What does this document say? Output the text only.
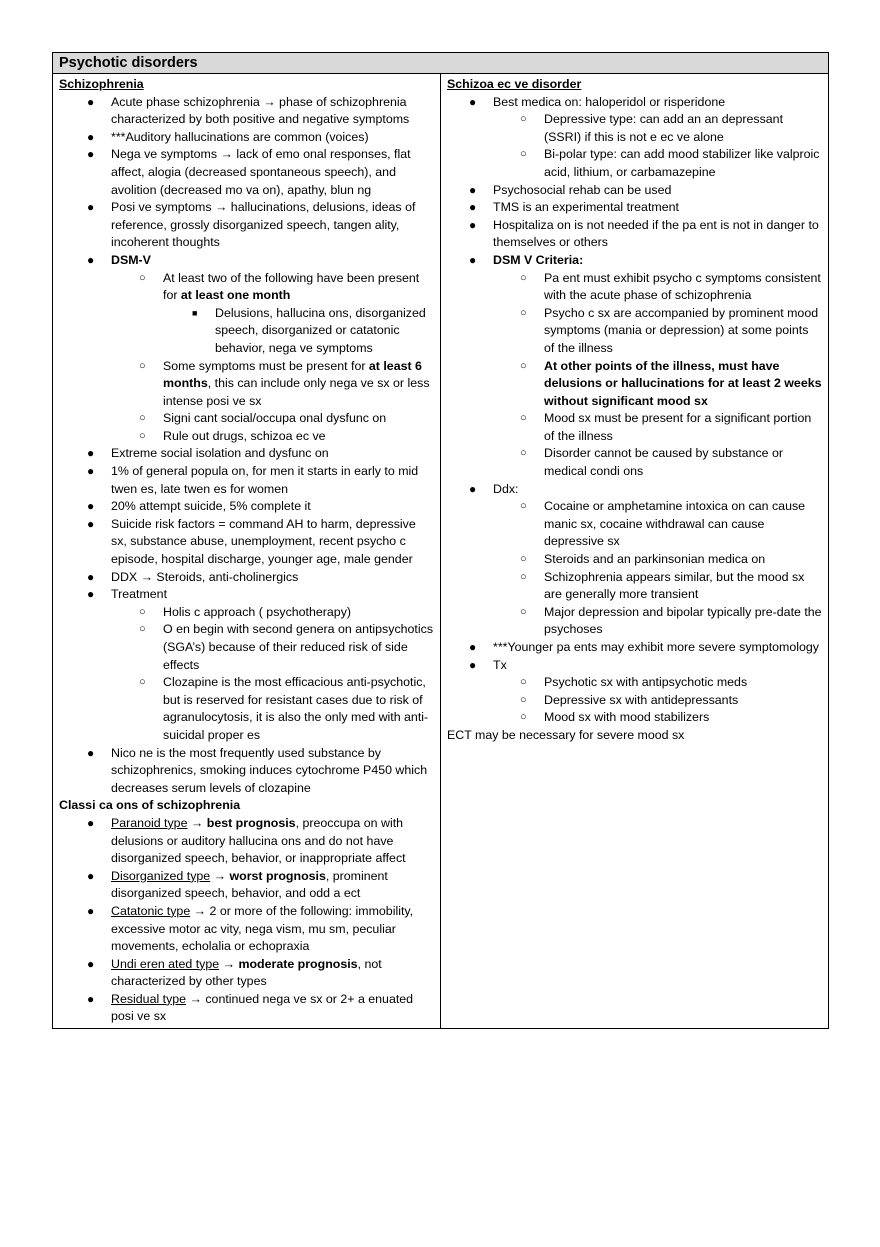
Psychotic disorders
Schizophrenia
● Acute phase schizophrenia → phase of schizophrenia characterized by both positive and negative symptoms
● ***Auditory hallucinations are common (voices)
● Nega ve symptoms → lack of emo onal responses, flat affect, alogia (decreased spontaneous speech), and avolition (decreased mo va on), apathy, blun ng
● Posi ve symptoms → hallucinations, delusions, ideas of reference, grossly disorganized speech, tangen ality, incoherent thoughts
● DSM-V
○ At least two of the following have been present for at least one month
■ Delusions, hallucina ons, disorganized speech, disorganized or catatonic behavior, nega ve symptoms
○ Some symptoms must be present for at least 6 months, this can include only nega ve sx or less intense posi ve sx
○ Signi cant social/occupa onal dysfunc on
○ Rule out drugs, schizoa ec ve
● Extreme social isolation and dysfunc on
● 1% of general popula on, for men it starts in early to mid twen es, late twen es for women
● 20% attempt suicide, 5% complete it
● Suicide risk factors = command AH to harm, depressive sx, substance abuse, unemployment, recent psycho c episode, hospital discharge, younger age, male gender
● DDX → Steroids, anti-cholinergics
● Treatment
○ Holis c approach ( psychotherapy)
○ O en begin with second genera on antipsychotics (SGA’s) because of their reduced risk of side effects
○ Clozapine is the most efficacious anti-psychotic, but is reserved for resistant cases due to risk of agranulocytosis, it is also the only med with anti-suicidal proper es
● Nico ne is the most frequently used substance by schizophrenics, smoking induces cytochrome P450 which decreases serum levels of clozapine
Classi ca ons of schizophrenia
● Paranoid type → best prognosis, preoccupa on with delusions or auditory hallucina ons and do not have disorganized speech, behavior, or inappropriate affect
● Disorganized type → worst prognosis, prominent disorganized speech, behavior, and odd a ect
● Catatonic type → 2 or more of the following: immobility, excessive motor ac vity, nega vism, mu sm, peculiar movements, echolalia or echopraxia
● Undi eren ated type → moderate prognosis, not characterized by other types
● Residual type → continued nega ve sx or 2+ a enuated posi ve sx
Schizoa ec ve disorder
● Best medica on: haloperidol or risperidone
○ Depressive type: can add an an depressant (SSRI) if this is not e ec ve alone
○ Bi-polar type: can add mood stabilizer like valproic acid, lithium, or carbamazepine
● Psychosocial rehab can be used
● TMS is an experimental treatment
● Hospitaliza on is not needed if the pa ent is not in danger to themselves or others
● DSM V Criteria:
○ Pa ent must exhibit psycho c symptoms consistent with the acute phase of schizophrenia
○ Psycho c sx are accompanied by prominent mood symptoms (mania or depression) at some points of the illness
○ At other points of the illness, must have delusions or hallucinations for at least 2 weeks without significant mood sx
○ Mood sx must be present for a significant portion of the illness
○ Disorder cannot be caused by substance or medical condi ons
● Ddx:
○ Cocaine or amphetamine intoxica on can cause manic sx, cocaine withdrawal can cause depressive sx
○ Steroids and an parkinsonian medica on
○ Schizophrenia appears similar, but the mood sx are generally more transient
○ Major depression and bipolar typically pre-date the psychoses
● ***Younger pa ents may exhibit more severe symptomology
● Tx
○ Psychotic sx with antipsychotic meds
○ Depressive sx with antidepressants
○ Mood sx with mood stabilizers
ECT may be necessary for severe mood sx
